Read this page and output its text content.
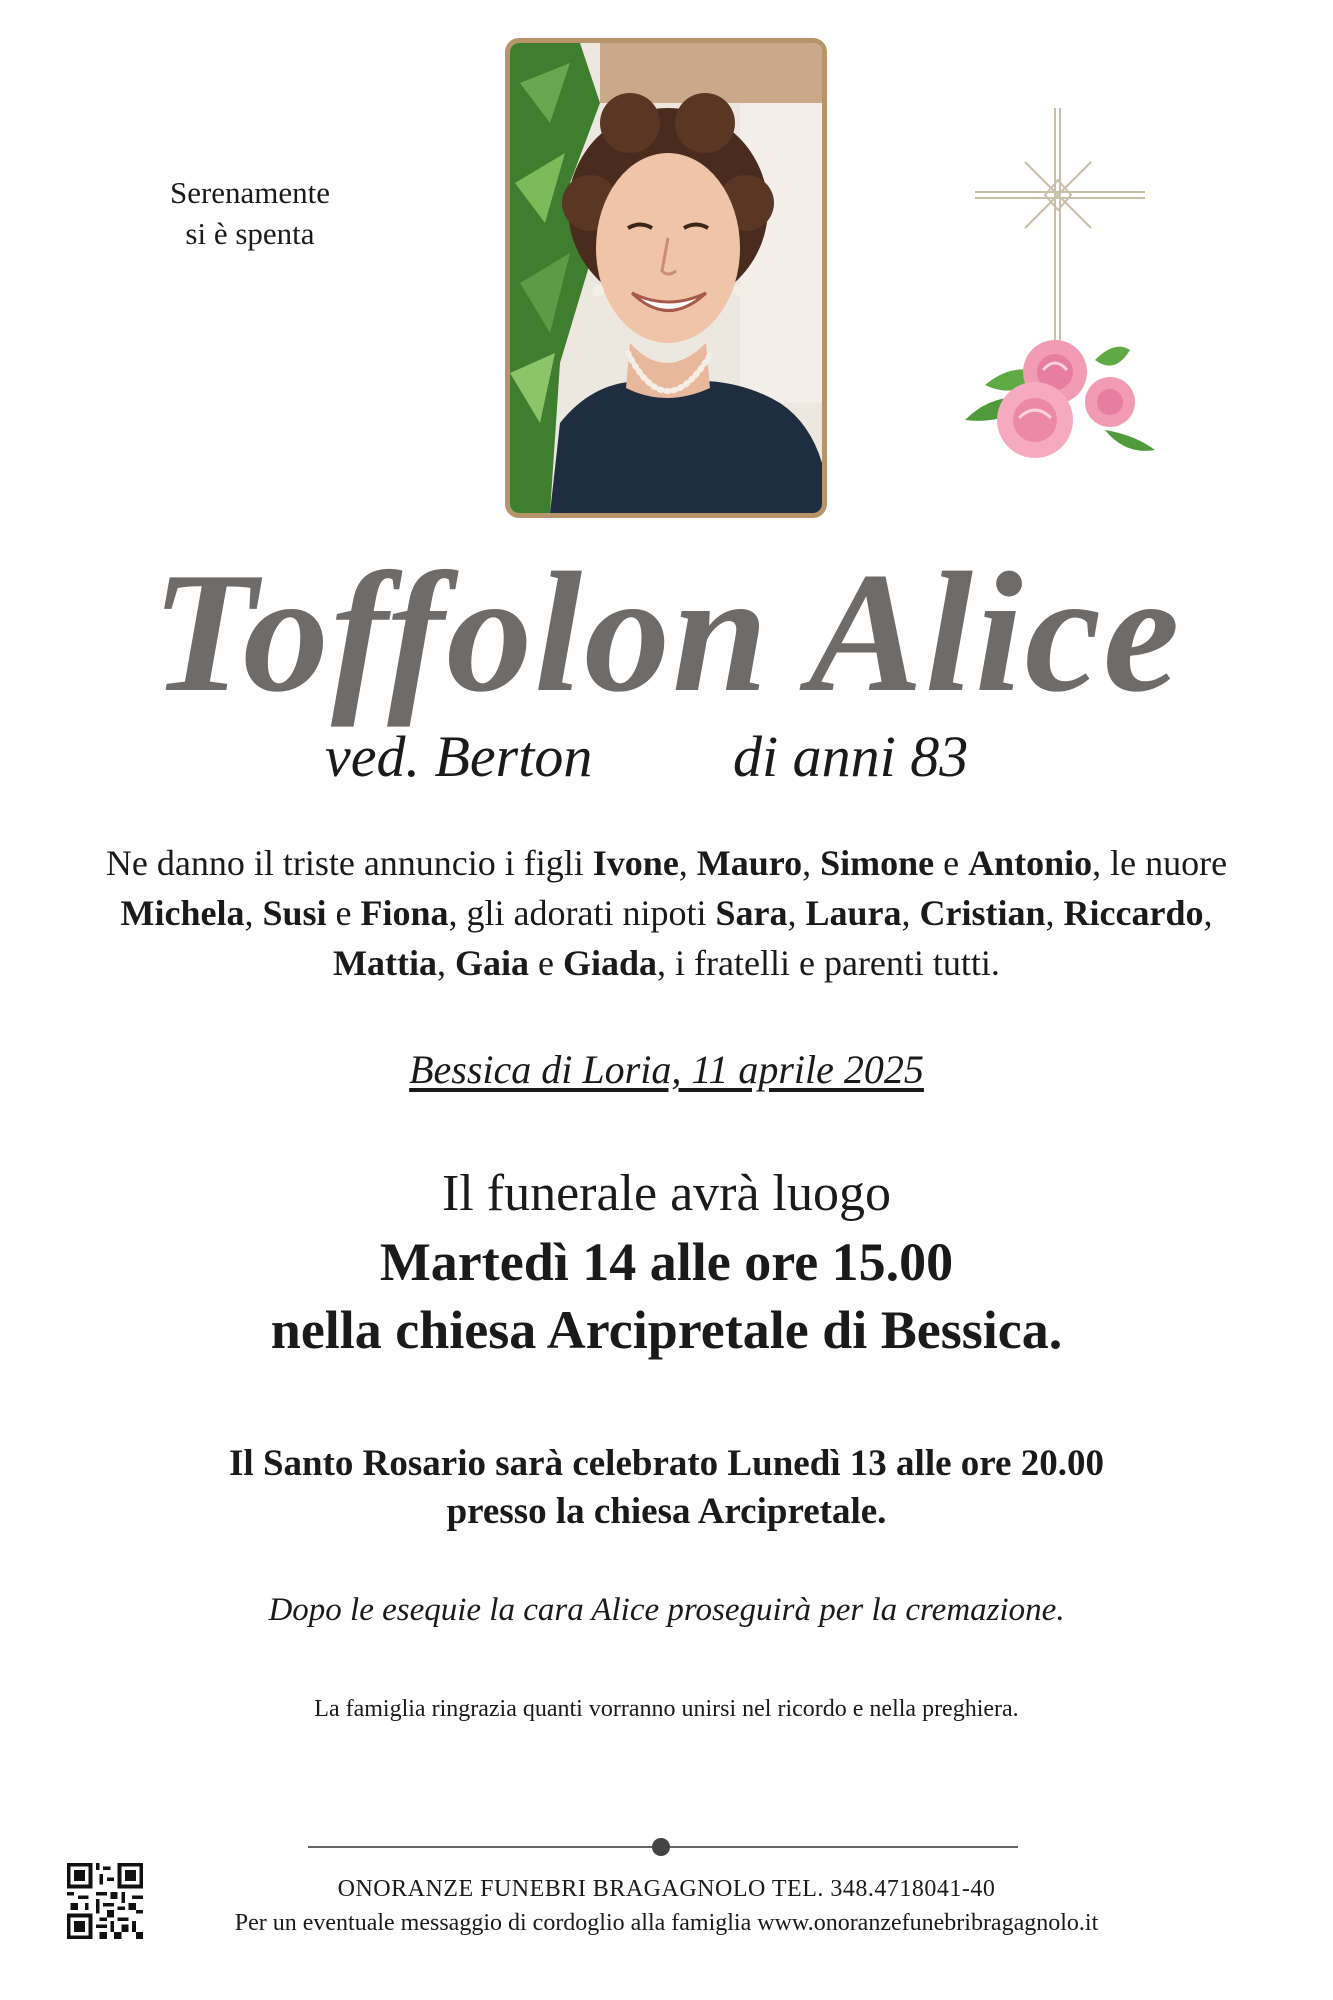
Serenamente
si è spenta
Toffolon Alice
ved. Berton di anni 83
Ne danno il triste annuncio i figli Ivone, Mauro, Simone e Antonio, le nuore
Michela, Susi e Fiona, gli adorati nipoti Sara, Laura, Cristian, Riccardo,
Mattia, Gaia e Giada, i fratelli e parenti tutti.
Bessica di Loria, 11 aprile 2025
Il funerale avrà luogo
Martedì 14 alle ore 15.00
nella chiesa Arcipretale di Bessica.
Il Santo Rosario sarà celebrato Lunedì 13 alle ore 20.00
presso la chiesa Arcipretale.
Dopo le esequie la cara Alice proseguirà per la cremazione.
La famiglia ringrazia quanti vorranno unirsi nel ricordo e nella preghiera.
ONORANZE FUNEBRI BRAGAGNOLO TEL. 348.4718041-40
Per un eventuale messaggio di cordoglio alla famiglia www.onoranzefunebribragagnolo.it
